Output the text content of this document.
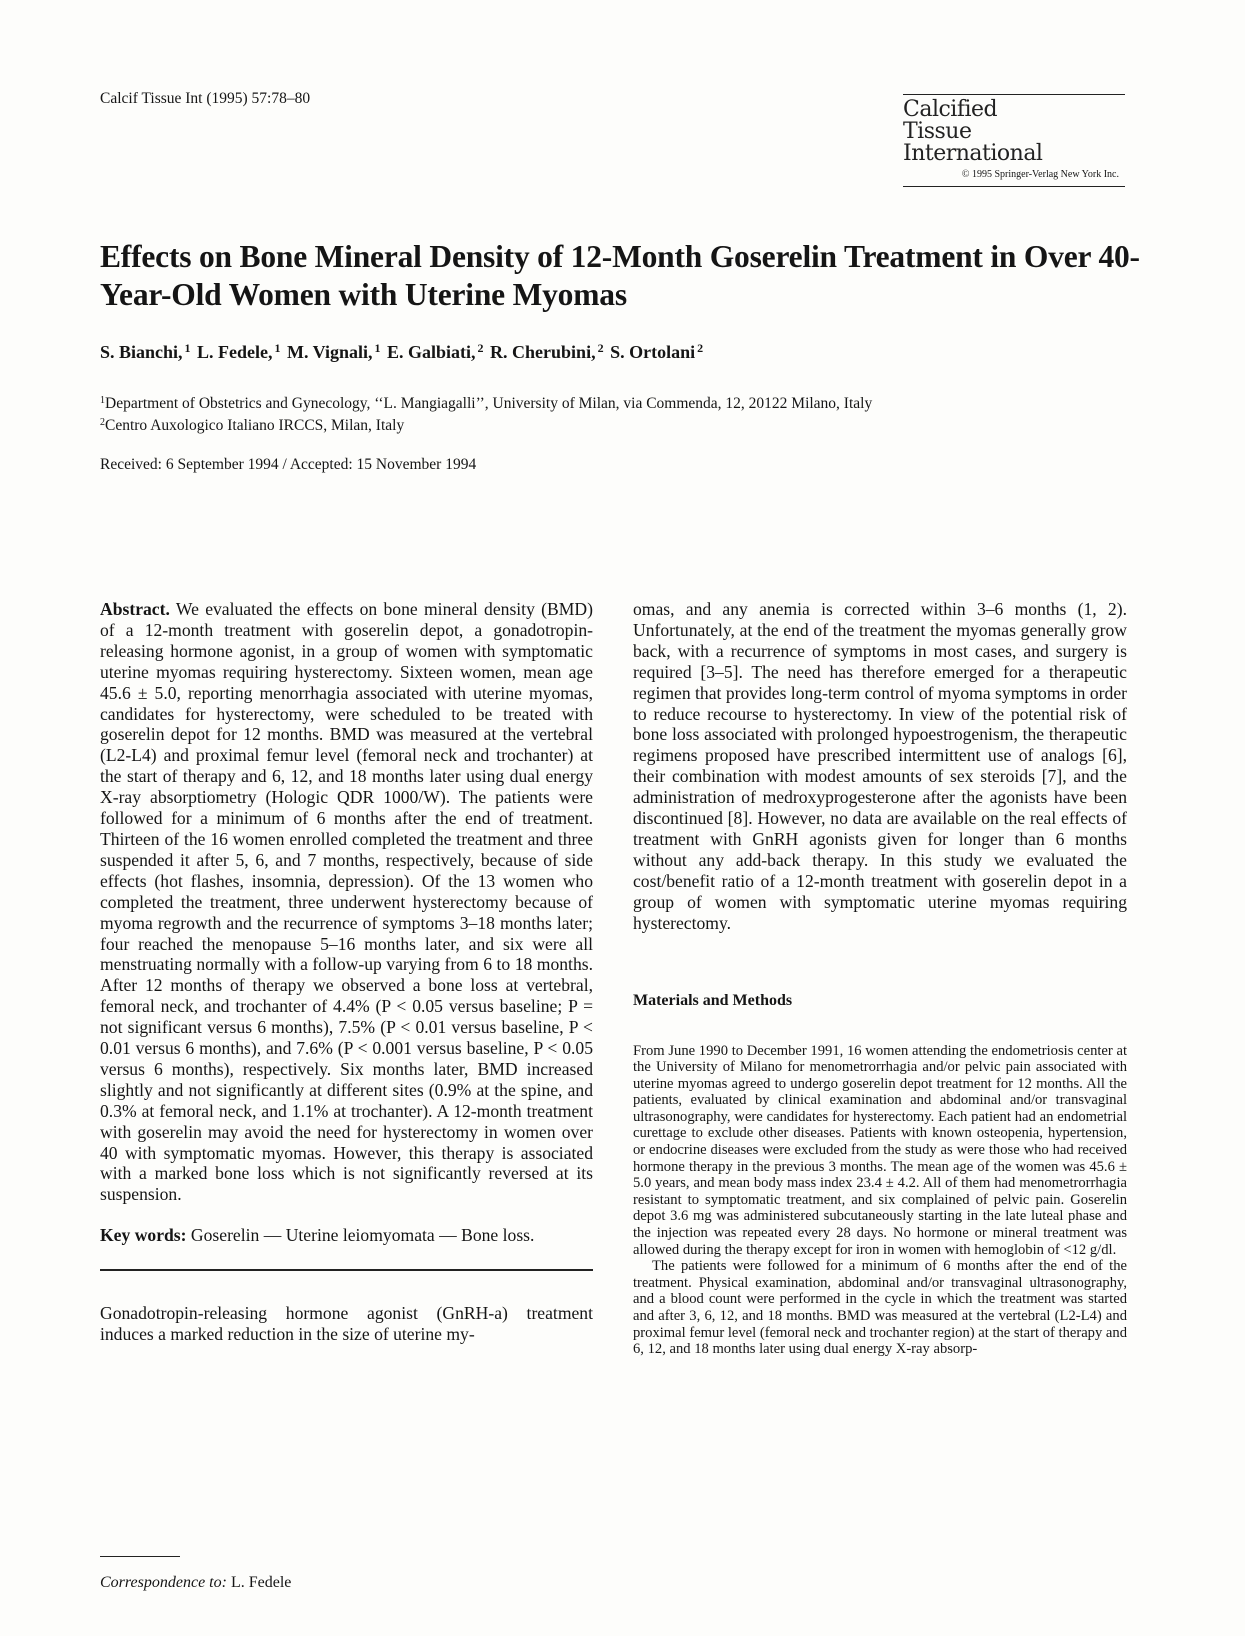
Calcif Tissue Int (1995) 57:78–80	Calcified
Tissue
International
© 1995 Springer-Verlag New York Inc.
Effects on Bone Mineral Density of 12-Month Goserelin Treatment in Over 40-Year-Old Women with Uterine Myomas
S. Bianchi, $^1$ L. Fedele, $^1$ M. Vignali, $^1$ E. Galbiati, $^2$ R. Cherubini, $^2$ S. Ortolani $^2$
$^1$Department of Obstetrics and Gynecology, ‘‘L. Mangiagalli’’, University of Milan, via Commenda, 12, 20122 Milano, Italy
$^2$Centro Auxologico Italiano IRCCS, Milan, Italy
Received: 6 September 1994 / Accepted: 15 November 1994

Abstract. We evaluated the effects on bone mineral density (BMD) of a 12-month treatment with goserelin depot, a gonadotropin-releasing hormone agonist, in a group of women with symptomatic uterine myomas requiring hysterectomy. Sixteen women, mean age 45.6 ± 5.0, reporting menorrhagia associated with uterine myomas, candidates for hysterectomy, were scheduled to be treated with goserelin depot for 12 months. BMD was measured at the vertebral (L2-L4) and proximal femur level (femoral neck and trochanter) at the start of therapy and 6, 12, and 18 months later using dual energy X-ray absorptiometry (Hologic QDR 1000/W). The patients were followed for a minimum of 6 months after the end of treatment. Thirteen of the 16 women enrolled completed the treatment and three suspended it after 5, 6, and 7 months, respectively, because of side effects (hot flashes, insomnia, depression). Of the 13 women who completed the treatment, three underwent hysterectomy because of myoma regrowth and the recurrence of symptoms 3–18 months later; four reached the menopause 5–16 months later, and six were all menstruating normally with a follow-up varying from 6 to 18 months. After 12 months of therapy we observed a bone loss at vertebral, femoral neck, and trochanter of 4.4% (P < 0.05 versus baseline; P = not significant versus 6 months), 7.5% (P < 0.01 versus baseline, P < 0.01 versus 6 months), and 7.6% (P < 0.001 versus baseline, P < 0.05 versus 6 months), respectively. Six months later, BMD increased slightly and not significantly at different sites (0.9% at the spine, and 0.3% at femoral neck, and 1.1% at trochanter). A 12-month treatment with goserelin may avoid the need for hysterectomy in women over 40 with symptomatic myomas. However, this therapy is associated with a marked bone loss which is not significantly reversed at its suspension.

Key words: Goserelin — Uterine leiomyomata — Bone loss.

Gonadotropin-releasing hormone agonist (GnRH-a) treatment induces a marked reduction in the size of uterine my-

Correspondence to: L. Fedele

omas, and any anemia is corrected within 3–6 months (1, 2). Unfortunately, at the end of the treatment the myomas generally grow back, with a recurrence of symptoms in most cases, and surgery is required [3–5]. The need has therefore emerged for a therapeutic regimen that provides long-term control of myoma symptoms in order to reduce recourse to hysterectomy. In view of the potential risk of bone loss associated with prolonged hypoestrogenism, the therapeutic regimens proposed have prescribed intermittent use of analogs [6], their combination with modest amounts of sex steroids [7], and the administration of medroxyprogesterone after the agonists have been discontinued [8]. However, no data are available on the real effects of treatment with GnRH agonists given for longer than 6 months without any add-back therapy. In this study we evaluated the cost/benefit ratio of a 12-month treatment with goserelin depot in a group of women with symptomatic uterine myomas requiring hysterectomy.

Materials and Methods

From June 1990 to December 1991, 16 women attending the endometriosis center at the University of Milano for menometrorrhagia and/or pelvic pain associated with uterine myomas agreed to undergo goserelin depot treatment for 12 months. All the patients, evaluated by clinical examination and abdominal and/or transvaginal ultrasonography, were candidates for hysterectomy. Each patient had an endometrial curettage to exclude other diseases. Patients with known osteopenia, hypertension, or endocrine diseases were excluded from the study as were those who had received hormone therapy in the previous 3 months. The mean age of the women was 45.6 ± 5.0 years, and mean body mass index 23.4 ± 4.2. All of them had menometrorrhagia resistant to symptomatic treatment, and six complained of pelvic pain. Goserelin depot 3.6 mg was administered subcutaneously starting in the late luteal phase and the injection was repeated every 28 days. No hormone or mineral treatment was allowed during the therapy except for iron in women with hemoglobin of <12 g/dl.

The patients were followed for a minimum of 6 months after the end of the treatment. Physical examination, abdominal and/or transvaginal ultrasonography, and a blood count were performed in the cycle in which the treatment was started and after 3, 6, 12, and 18 months. BMD was measured at the vertebral (L2-L4) and proximal femur level (femoral neck and trochanter region) at the start of therapy and 6, 12, and 18 months later using dual energy X-ray absorp-
